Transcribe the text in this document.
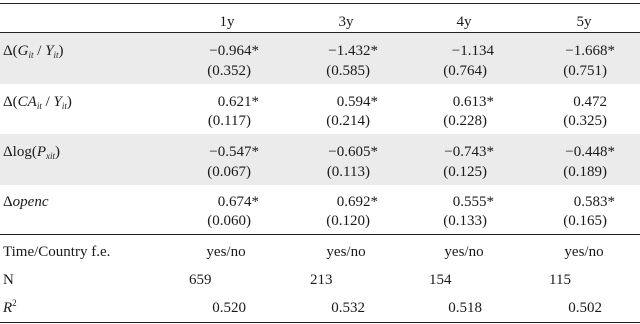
1y	3y	4y	5y
$\Delta(G_{it} / Y_{it})$	−0.964*	−1.432*	−1.134	−1.668*
(0.352)	(0.585)	(0.764)	(0.751)
$\Delta(CA_{it} / Y_{it})$	0.621*	0.594*	0.613*	0.472
(0.117)	(0.214)	(0.228)	(0.325)
$\Delta\log(P_{xit})$	−0.547*	−0.605*	−0.743*	−0.448*
(0.067)	(0.113)	(0.125)	(0.189)
Δopenc	0.674*	0.692*	0.555*	0.583*
(0.060)	(0.120)	(0.133)	(0.165)
Time/Country f.e.	yes/no	yes/no	yes/no	yes/no
N	659	213	154	115
$R^2$	0.520	0.532	0.518	0.502
